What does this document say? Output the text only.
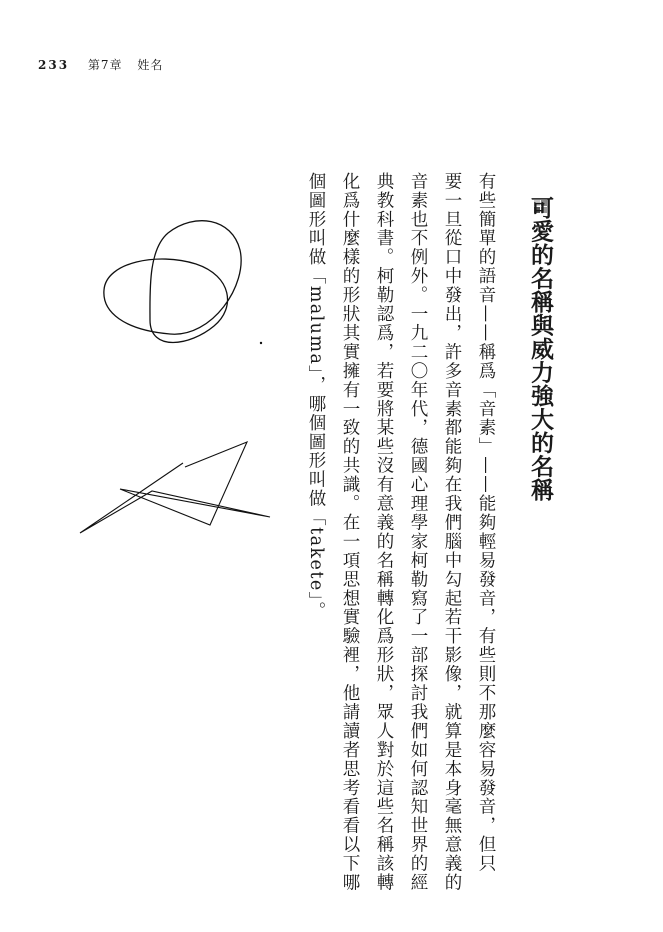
233 第7章 姓名
可愛的名稱與威力強大的名稱
有些簡單的語音——稱爲「音素」——能夠輕易發音，有些則不那麼容易發音，但只
要一旦從口中發出，許多音素都能夠在我們腦中勾起若干影像，就算是本身毫無意義的
音素也不例外。一九二〇年代，德國心理學家柯勒寫了一部探討我們如何認知世界的經
典教科書。柯勒認爲，若要將某些沒有意義的名稱轉化爲形狀，眾人對於這些名稱該轉
化爲什麼樣的形狀其實擁有一致的共識。在一項思想實驗裡，他請讀者思考看看以下哪
個圖形叫做「maluma」，哪個圖形叫做「takete」。
